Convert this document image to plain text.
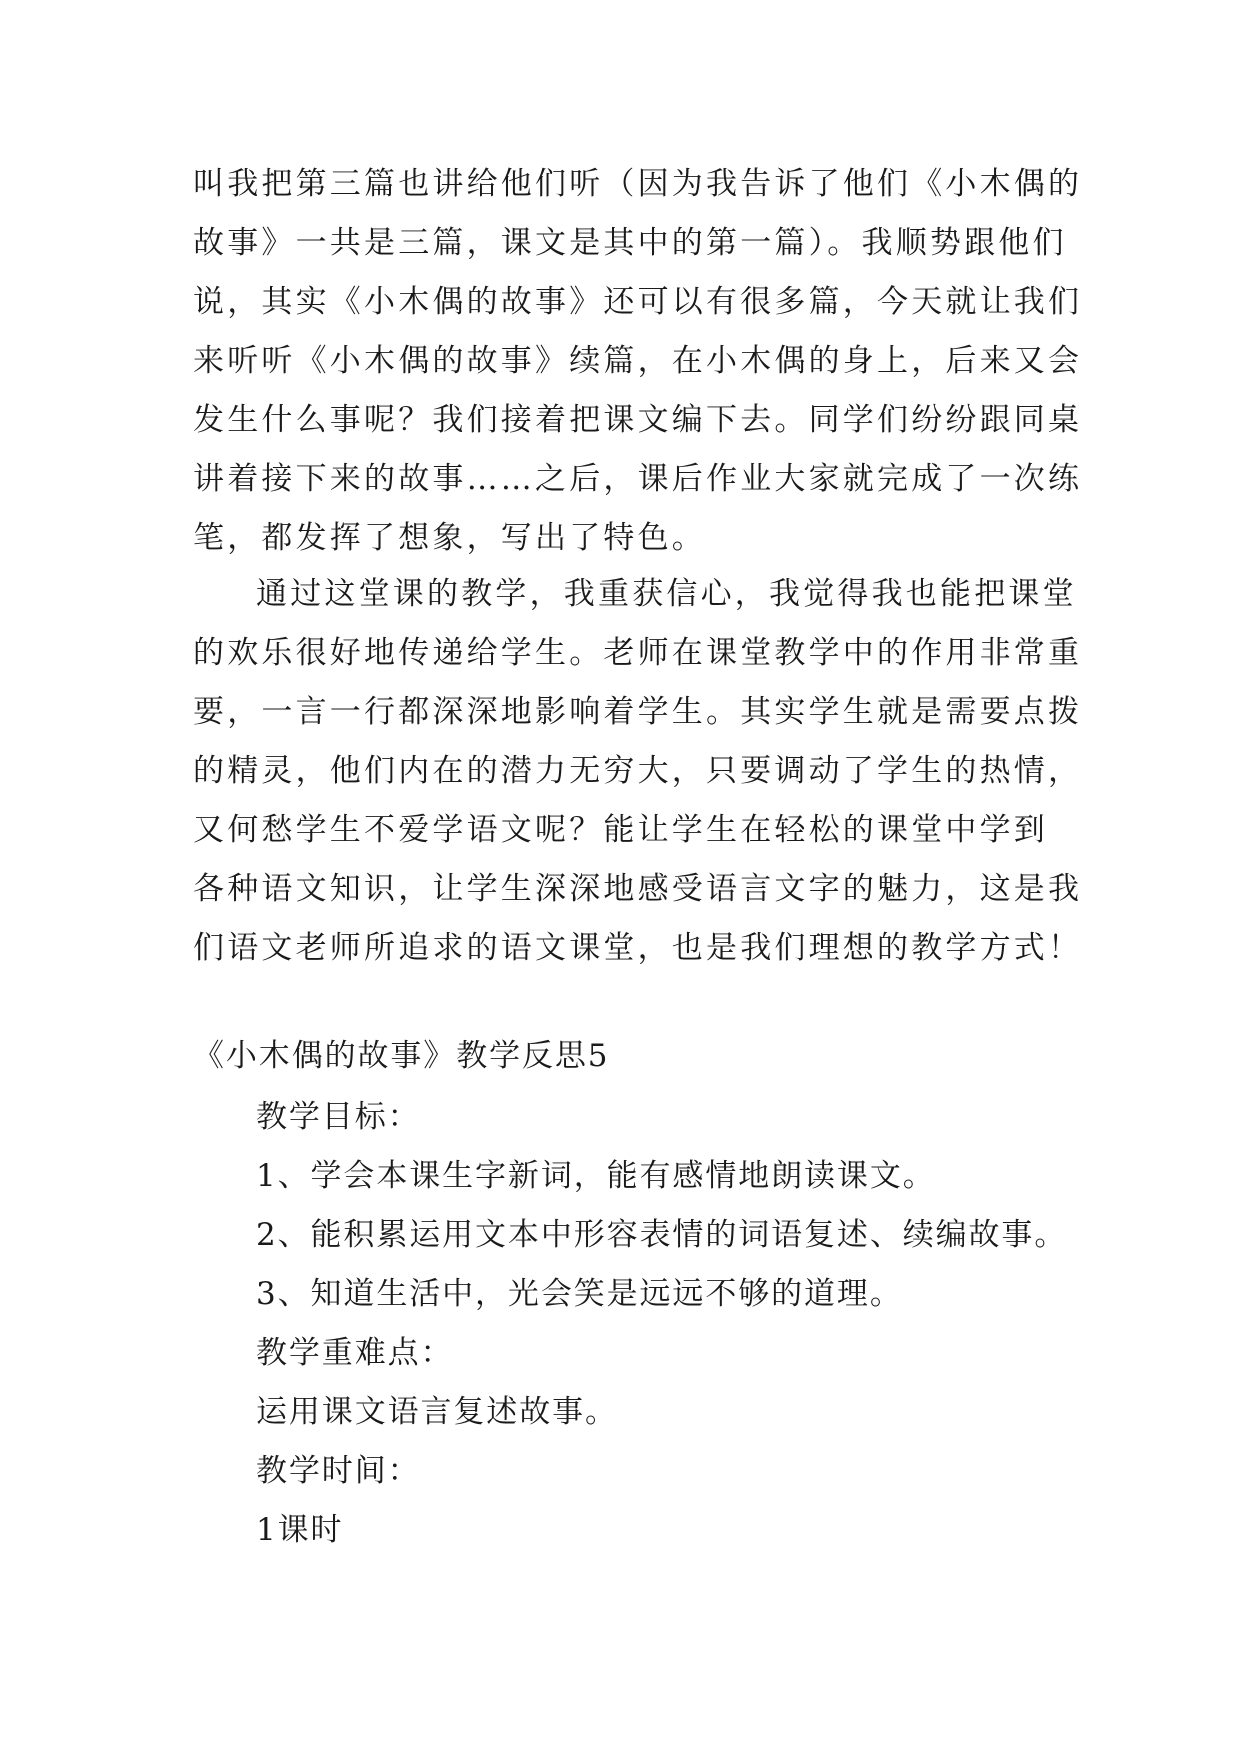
叫我把第三篇也讲给他们听（因为我告诉了他们《小木偶的
故事》一共是三篇，课文是其中的第一篇）。我顺势跟他们
说，其实《小木偶的故事》还可以有很多篇，今天就让我们
来听听《小木偶的故事》续篇，在小木偶的身上，后来又会
发生什么事呢？我们接着把课文编下去。同学们纷纷跟同桌
讲着接下来的故事……之后，课后作业大家就完成了一次练
笔，都发挥了想象，写出了特色。
通过这堂课的教学，我重获信心，我觉得我也能把课堂
的欢乐很好地传递给学生。老师在课堂教学中的作用非常重
要，一言一行都深深地影响着学生。其实学生就是需要点拨
的精灵，他们内在的潜力无穷大，只要调动了学生的热情，
又何愁学生不爱学语文呢？能让学生在轻松的课堂中学到
各种语文知识，让学生深深地感受语言文字的魅力，这是我
们语文老师所追求的语文课堂，也是我们理想的教学方式！
《小木偶的故事》教学反思5
教学目标：
1、学会本课生字新词，能有感情地朗读课文。
2、能积累运用文本中形容表情的词语复述、续编故事。
3、知道生活中，光会笑是远远不够的道理。
教学重难点：
运用课文语言复述故事。
教学时间：
1课时
